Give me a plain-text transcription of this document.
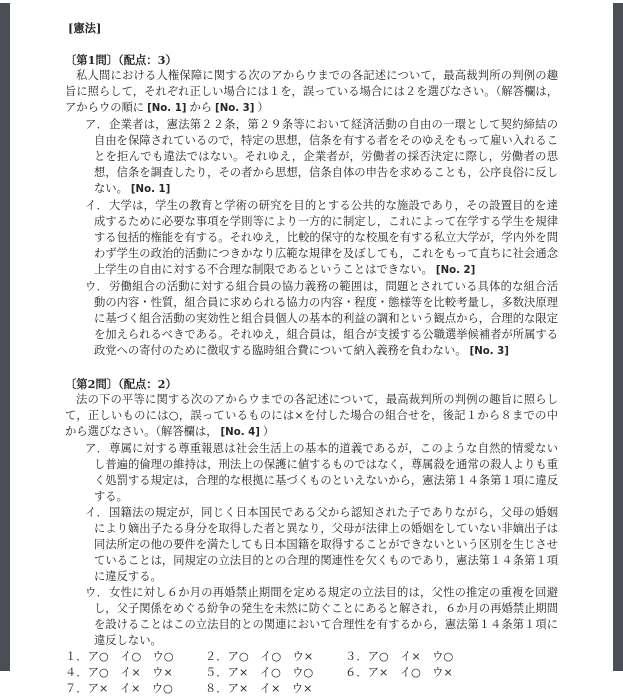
[憲法]
〔第1問〕（配点：3）

私人間における人権保障に関する次のアからウまでの各記述について，最高裁判所の判例の趣旨に照らして，それぞれ正しい場合には１を，誤っている場合には２を選びなさい。（解答欄は，アからウの順に [No. 1] から [No. 3] ）

ア．企業者は，憲法第２２条，第２９条等において経済活動の自由の一環として契約締結の自由を保障されているので，特定の思想，信条を有する者をそのゆえをもって雇い入れることを拒んでも違法ではない。それゆえ，企業者が，労働者の採否決定に際し，労働者の思想，信条を調査したり，その者から思想，信条自体の申告を求めることも，公序良俗に反しない。 [No. 1]
イ．大学は，学生の教育と学術の研究を目的とする公共的な施設であり，その設置目的を達成するために必要な事項を学則等により一方的に制定し，これによって在学する学生を規律する包括的権能を有する。それゆえ，比較的保守的な校風を有する私立大学が，学内外を問わず学生の政治的活動につきかなり広範な規律を及ぼしても，これをもって直ちに社会通念上学生の自由に対する不合理な制限であるということはできない。 [No. 2]
ウ．労働組合の活動に対する組合員の協力義務の範囲は，問題とされている具体的な組合活動の内容・性質，組合員に求められる協力の内容・程度・態様等を比較考量し，多数決原理に基づく組合活動の実効性と組合員個人の基本的利益の調和という観点から，合理的な限定を加えられるべきである。それゆえ，組合員は，組合が支援する公職選挙候補者が所属する政党への寄付のために徴収する臨時組合費について納入義務を負わない。 [No. 3]
〔第2問〕（配点：2）

法の下の平等に関する次のアからウまでの各記述について，最高裁判所の判例の趣旨に照らして，正しいものには○，誤っているものには×を付した場合の組合せを，後記１から８までの中から選びなさい。（解答欄は， [No. 4] ）

ア．尊属に対する尊重報恩は社会生活上の基本的道義であるが，このような自然的情愛ないし普遍的倫理の維持は，刑法上の保護に値するものではなく，尊属殺を通常の殺人よりも重く処罰する規定は，合理的な根拠に基づくものといえないから，憲法第１４条第１項に違反する。
イ．国籍法の規定が，同じく日本国民である父から認知された子でありながら，父母の婚姻により嫡出子たる身分を取得した者と異なり，父母が法律上の婚姻をしていない非嫡出子は同法所定の他の要件を満たしても日本国籍を取得することができないという区別を生じさせていることは，同規定の立法目的との合理的関連性を欠くものであり，憲法第１４条第１項に違反する。
ウ．女性に対し６か月の再婚禁止期間を定める規定の立法目的は，父性の推定の重複を回避し，父子関係をめぐる紛争の発生を未然に防ぐことにあると解され，６か月の再婚禁止期間を設けることはこの立法目的との関連において合理性を有するから，憲法第１４条第１項に違反しない。
１．ア○　イ○　ウ○	２．ア○　イ○　ウ×	３．ア○　イ×　ウ○
４．ア○　イ×　ウ×	５．ア×　イ○　ウ○	６．ア×　イ○　ウ×
７．ア×　イ×　ウ○	８．ア×　イ×　ウ×
